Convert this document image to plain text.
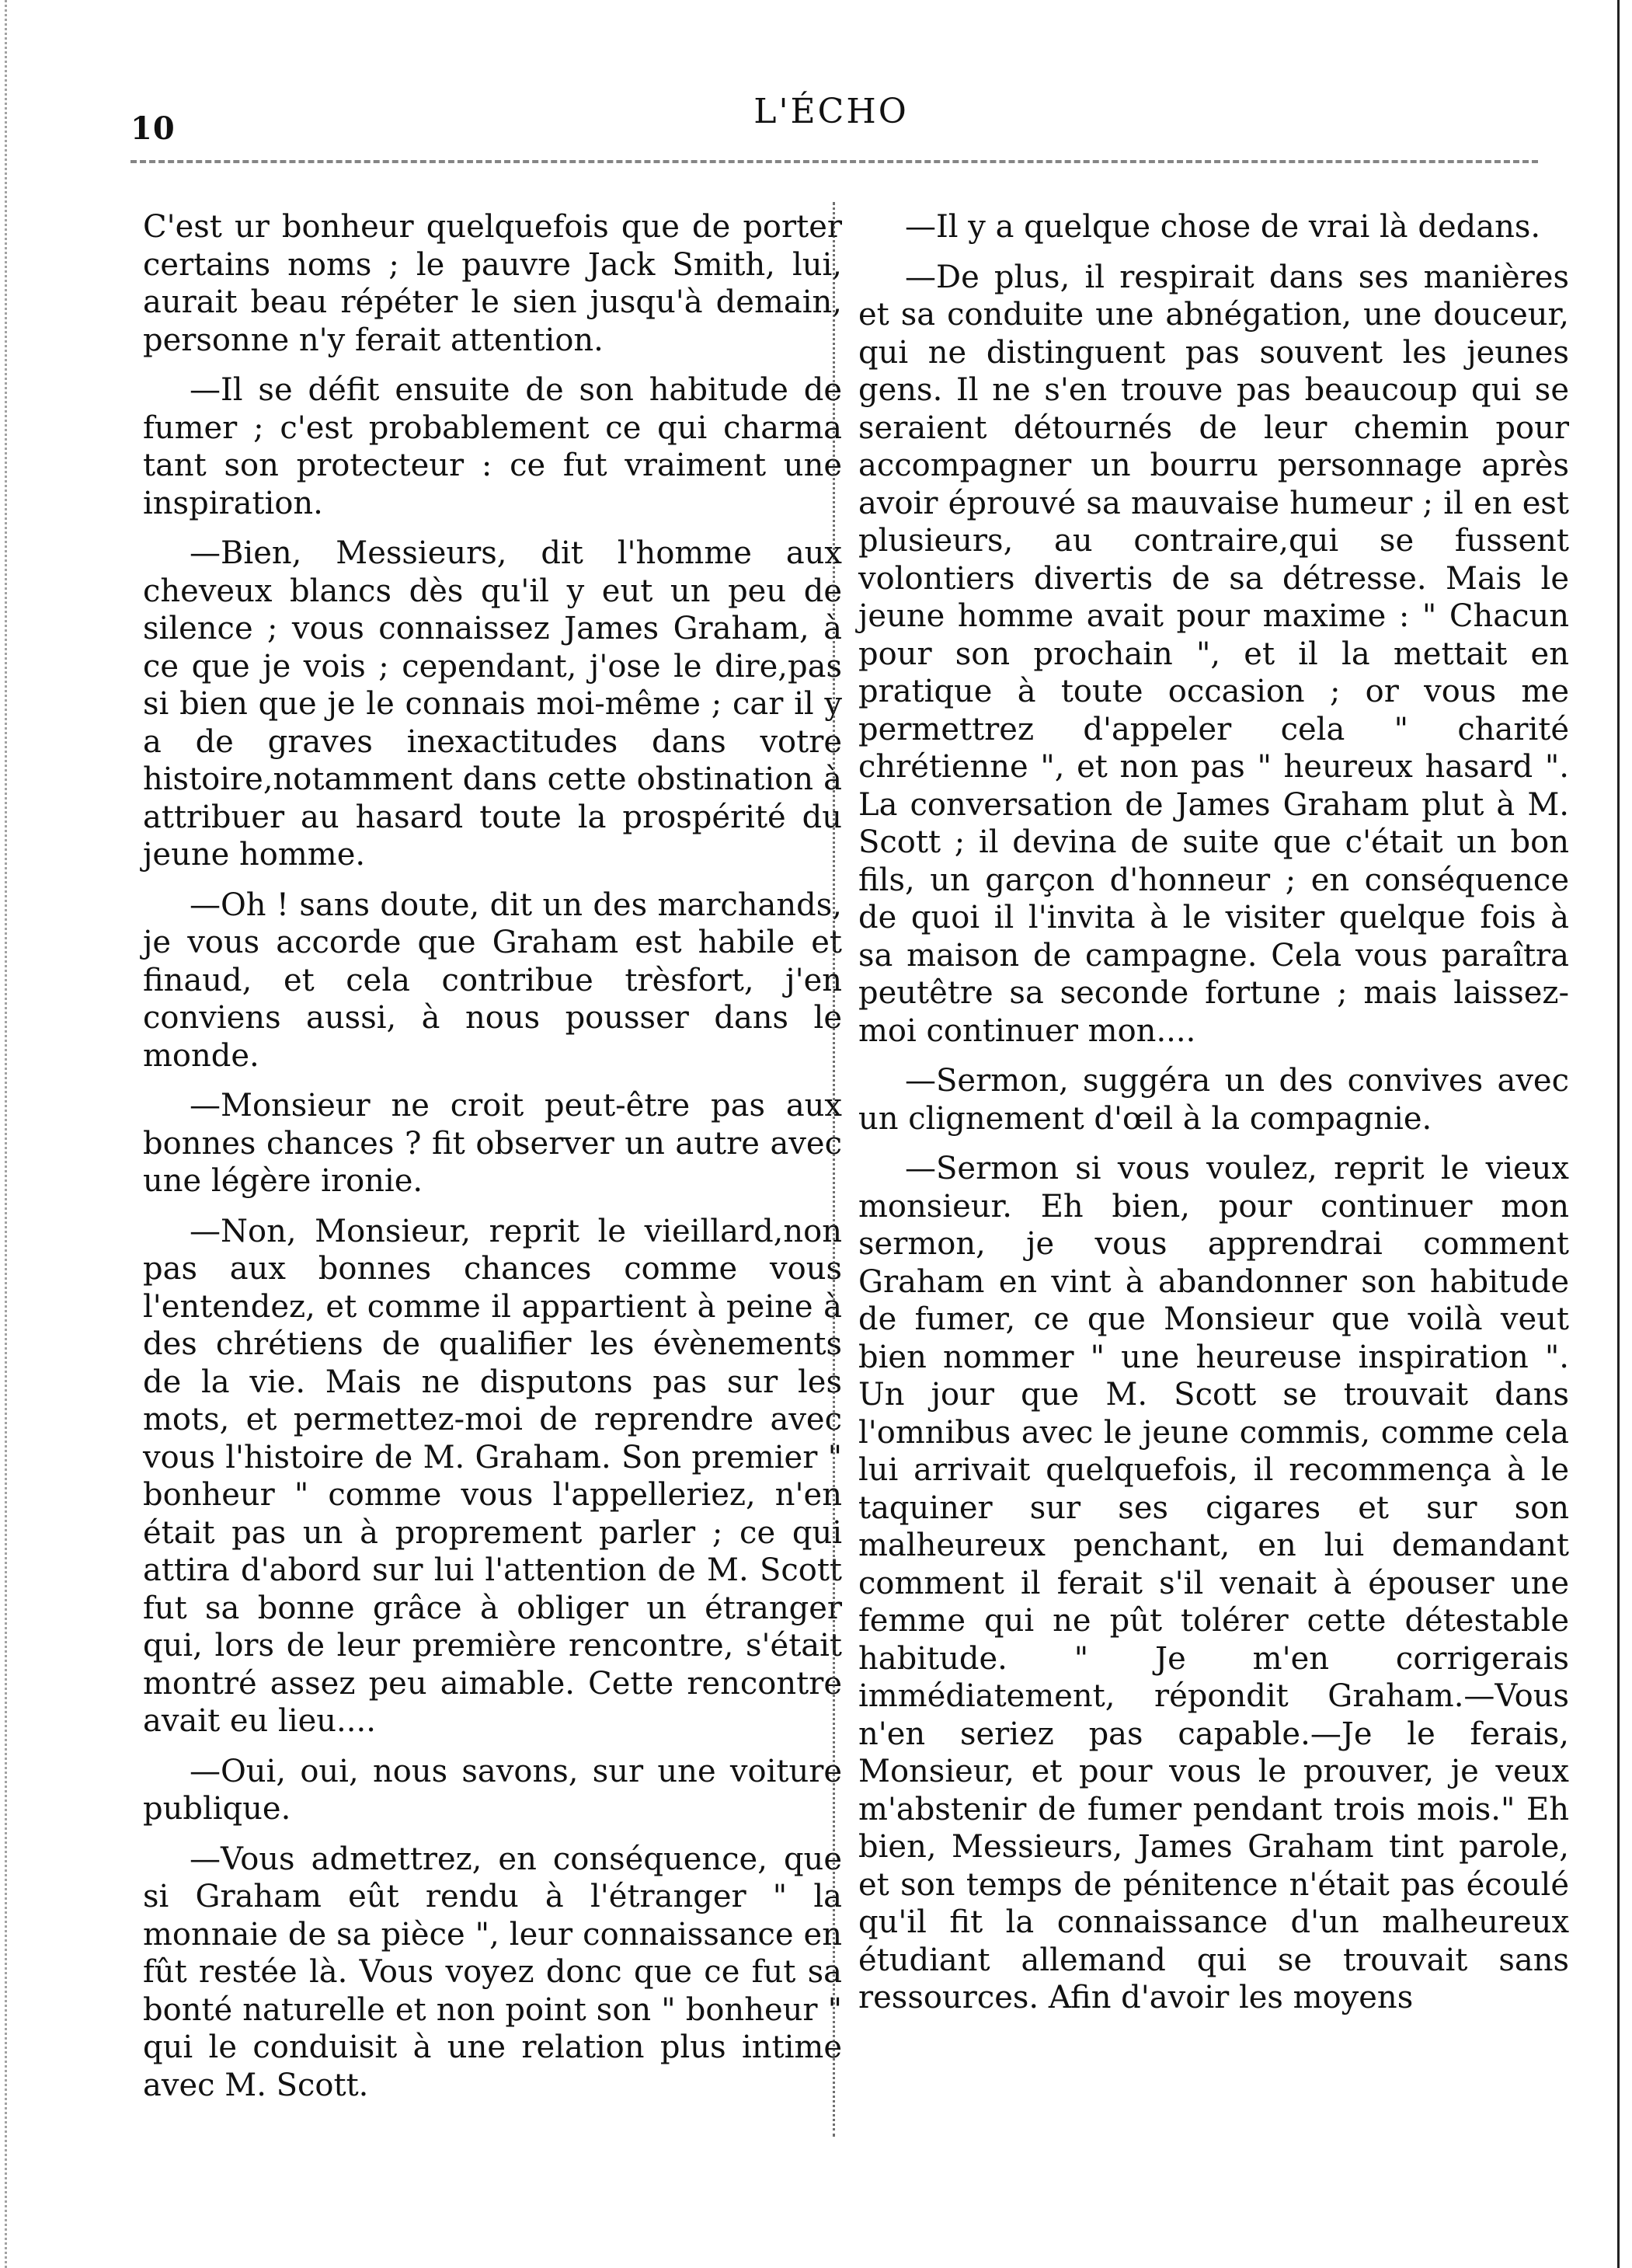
10	L'ÉCHO

C'est ur bonheur quelquefois que de porter certains noms ; le pauvre Jack Smith, lui, aurait beau répéter le sien jusqu'à demain, personne n'y ferait attention.

—Il se défit ensuite de son habitude de fumer ; c'est probablement ce qui charma tant son protecteur : ce fut vraiment une inspiration.

—Bien, Messieurs, dit l'homme aux cheveux blancs dès qu'il y eut un peu de silence ; vous connaissez James Graham, à ce que je vois ; cependant, j'ose le dire,pas si bien que je le connais moi-même ; car il y a de graves inexactitudes dans votre histoire,notamment dans cette obstination à attribuer au hasard toute la prospérité du jeune homme.

—Oh ! sans doute, dit un des marchands, je vous accorde que Graham est habile et finaud, et cela contribue trèsfort, j'en conviens aussi, à nous pousser dans le monde.

—Monsieur ne croit peut-être pas aux bonnes chances ? fit observer un autre avec une légère ironie.

—Non, Monsieur, reprit le vieillard,non pas aux bonnes chances comme vous l'entendez, et comme il appartient à peine à des chrétiens de qualifier les évènements de la vie. Mais ne disputons pas sur les mots, et permettez-moi de reprendre avec vous l'histoire de M. Graham. Son premier " bonheur " comme vous l'appelleriez, n'en était pas un à proprement parler ; ce qui attira d'abord sur lui l'attention de M. Scott fut sa bonne grâce à obliger un étranger qui, lors de leur première rencontre, s'était montré assez peu aimable. Cette rencontre avait eu lieu....

—Oui, oui, nous savons, sur une voiture publique.

—Vous admettrez, en conséquence, que si Graham eût rendu à l'étranger " la monnaie de sa pièce ", leur connaissance en fût restée là. Vous voyez donc que ce fut sa bonté naturelle et non point son " bonheur " qui le conduisit à une relation plus intime avec M. Scott.

—Il y a quelque chose de vrai là dedans.

—De plus, il respirait dans ses manières et sa conduite une abnégation, une douceur, qui ne distinguent pas souvent les jeunes gens. Il ne s'en trouve pas beaucoup qui se seraient détournés de leur chemin pour accompagner un bourru personnage après avoir éprouvé sa mauvaise humeur ; il en est plusieurs, au contraire,qui se fussent volontiers divertis de sa détresse. Mais le jeune homme avait pour maxime : " Chacun pour son prochain ", et il la mettait en pratique à toute occasion ; or vous me permettrez d'appeler cela " charité chrétienne ", et non pas " heureux hasard ". La conversation de James Graham plut à M. Scott ; il devina de suite que c'était un bon fils, un garçon d'honneur ; en conséquence de quoi il l'invita à le visiter quelque fois à sa maison de campagne. Cela vous paraîtra peutêtre sa seconde fortune ; mais laissez-moi continuer mon....

—Sermon, suggéra un des convives avec un clignement d'œil à la compagnie.

—Sermon si vous voulez, reprit le vieux monsieur. Eh bien, pour continuer mon sermon, je vous apprendrai comment Graham en vint à abandonner son habitude de fumer, ce que Monsieur que voilà veut bien nommer " une heureuse inspiration ". Un jour que M. Scott se trouvait dans l'omnibus avec le jeune commis, comme cela lui arrivait quelquefois, il recommença à le taquiner sur ses cigares et sur son malheureux penchant, en lui demandant comment il ferait s'il venait à épouser une femme qui ne pût tolérer cette détestable habitude. " Je m'en corrigerais immédiatement, répondit Graham.—Vous n'en seriez pas capable.—Je le ferais, Monsieur, et pour vous le prouver, je veux m'abstenir de fumer pendant trois mois." Eh bien, Messieurs, James Graham tint parole, et son temps de pénitence n'était pas écoulé qu'il fit la connaissance d'un malheureux étudiant allemand qui se trouvait sans ressources. Afin d'avoir les moyens
